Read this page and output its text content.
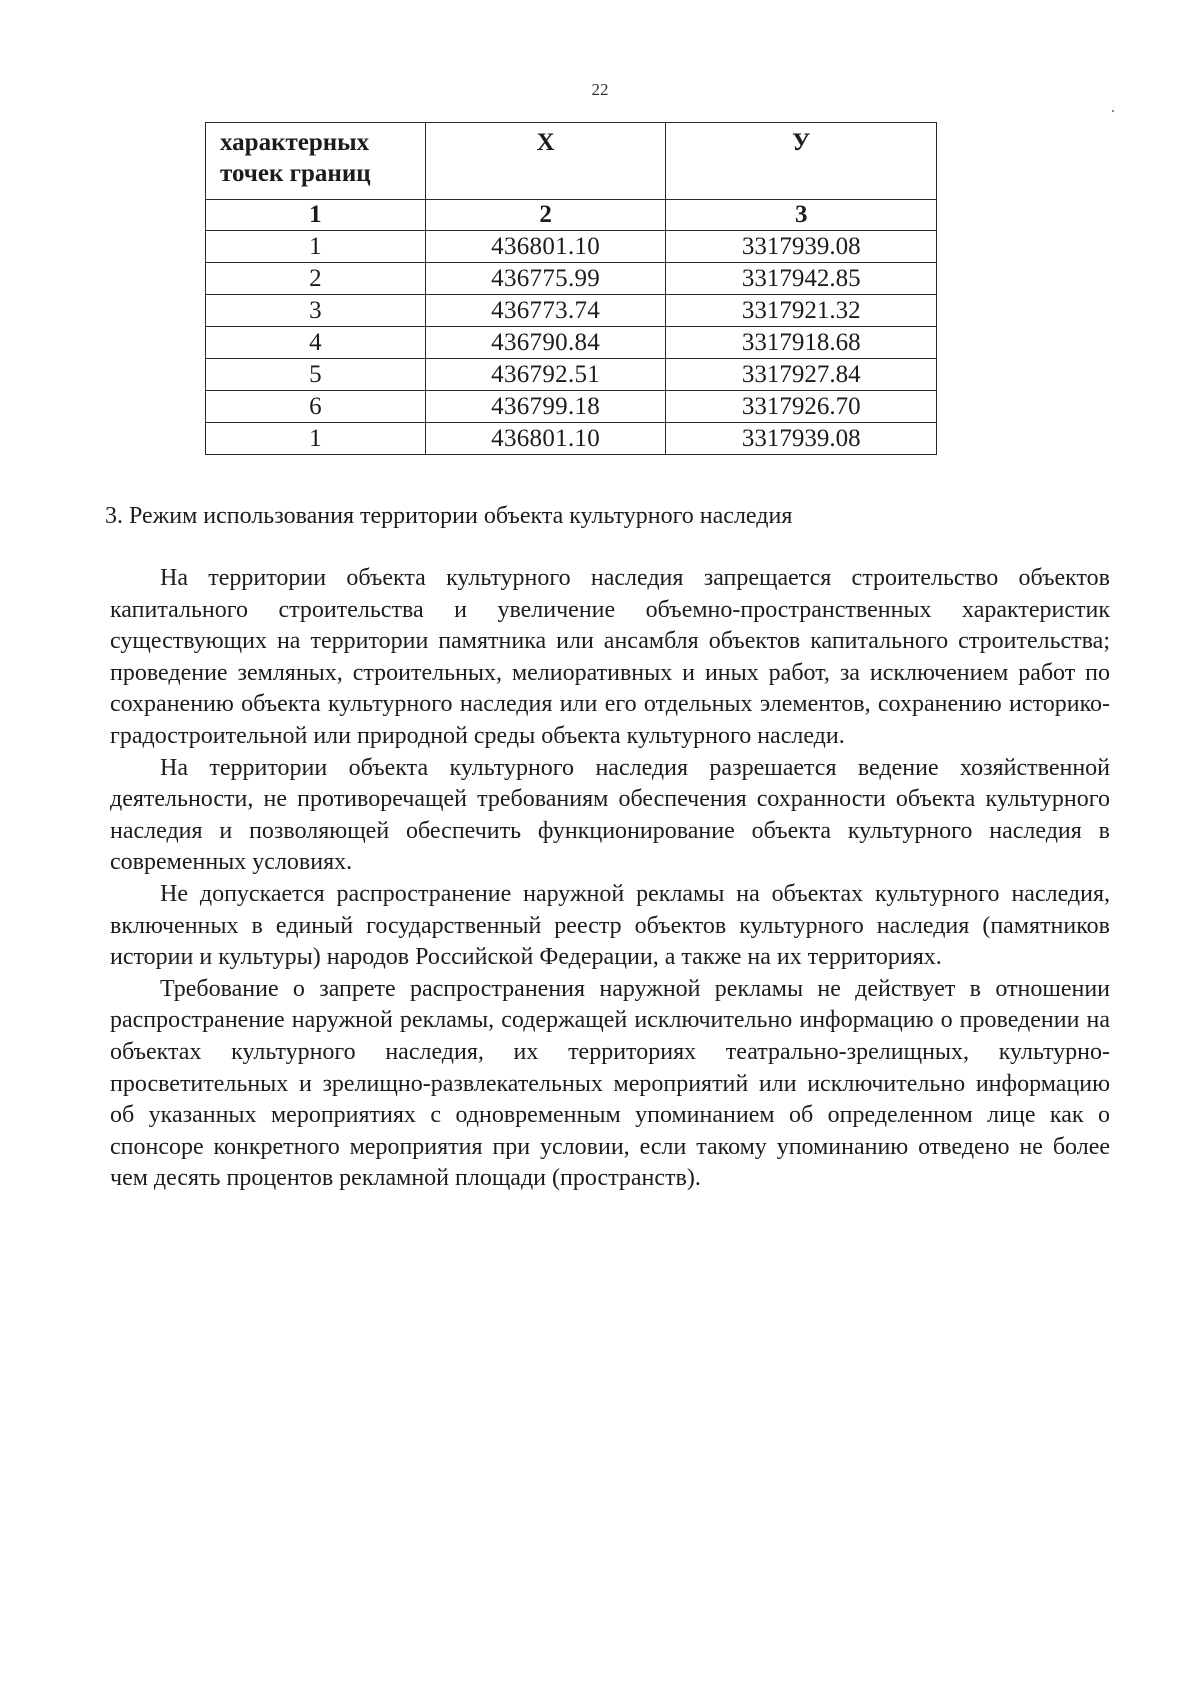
22
характерных точек границ	X	У
1	2	3
1	436801.10	3317939.08
2	436775.99	3317942.85
3	436773.74	3317921.32
4	436790.84	3317918.68
5	436792.51	3317927.84
6	436799.18	3317926.70
1	436801.10	3317939.08
3. Режим использования территории объекта культурного наследия

На территории объекта культурного наследия запрещается строительство объектов капитального строительства и увеличение объемно-пространственных характеристик существующих на территории памятника или ансамбля объектов капитального строительства; проведение земляных, строительных, мелиоративных и иных работ, за исключением работ по сохранению объекта культурного наследия или его отдельных элементов, сохранению историко-градостроительной или природной среды объекта культурного наследи.

На территории объекта культурного наследия разрешается ведение хозяйственной деятельности, не противоречащей требованиям обеспечения сохранности объекта культурного наследия и позволяющей обеспечить функционирование объекта культурного наследия в современных условиях.

Не допускается распространение наружной рекламы на объектах культурного наследия, включенных в единый государственный реестр объектов культурного наследия (памятников истории и культуры) народов Российской Федерации, а также на их территориях.

Требование о запрете распространения наружной рекламы не действует в отношении распространение наружной рекламы, содержащей исключительно информацию о проведении на объектах культурного наследия, их территориях театрально-зрелищных, культурно-просветительных и зрелищно-развлекательных мероприятий или исключительно информацию об указанных мероприятиях с одновременным упоминанием об определенном лице как о спонсоре конкретного мероприятия при условии, если такому упоминанию отведено не более чем десять процентов рекламной площади (пространств).
